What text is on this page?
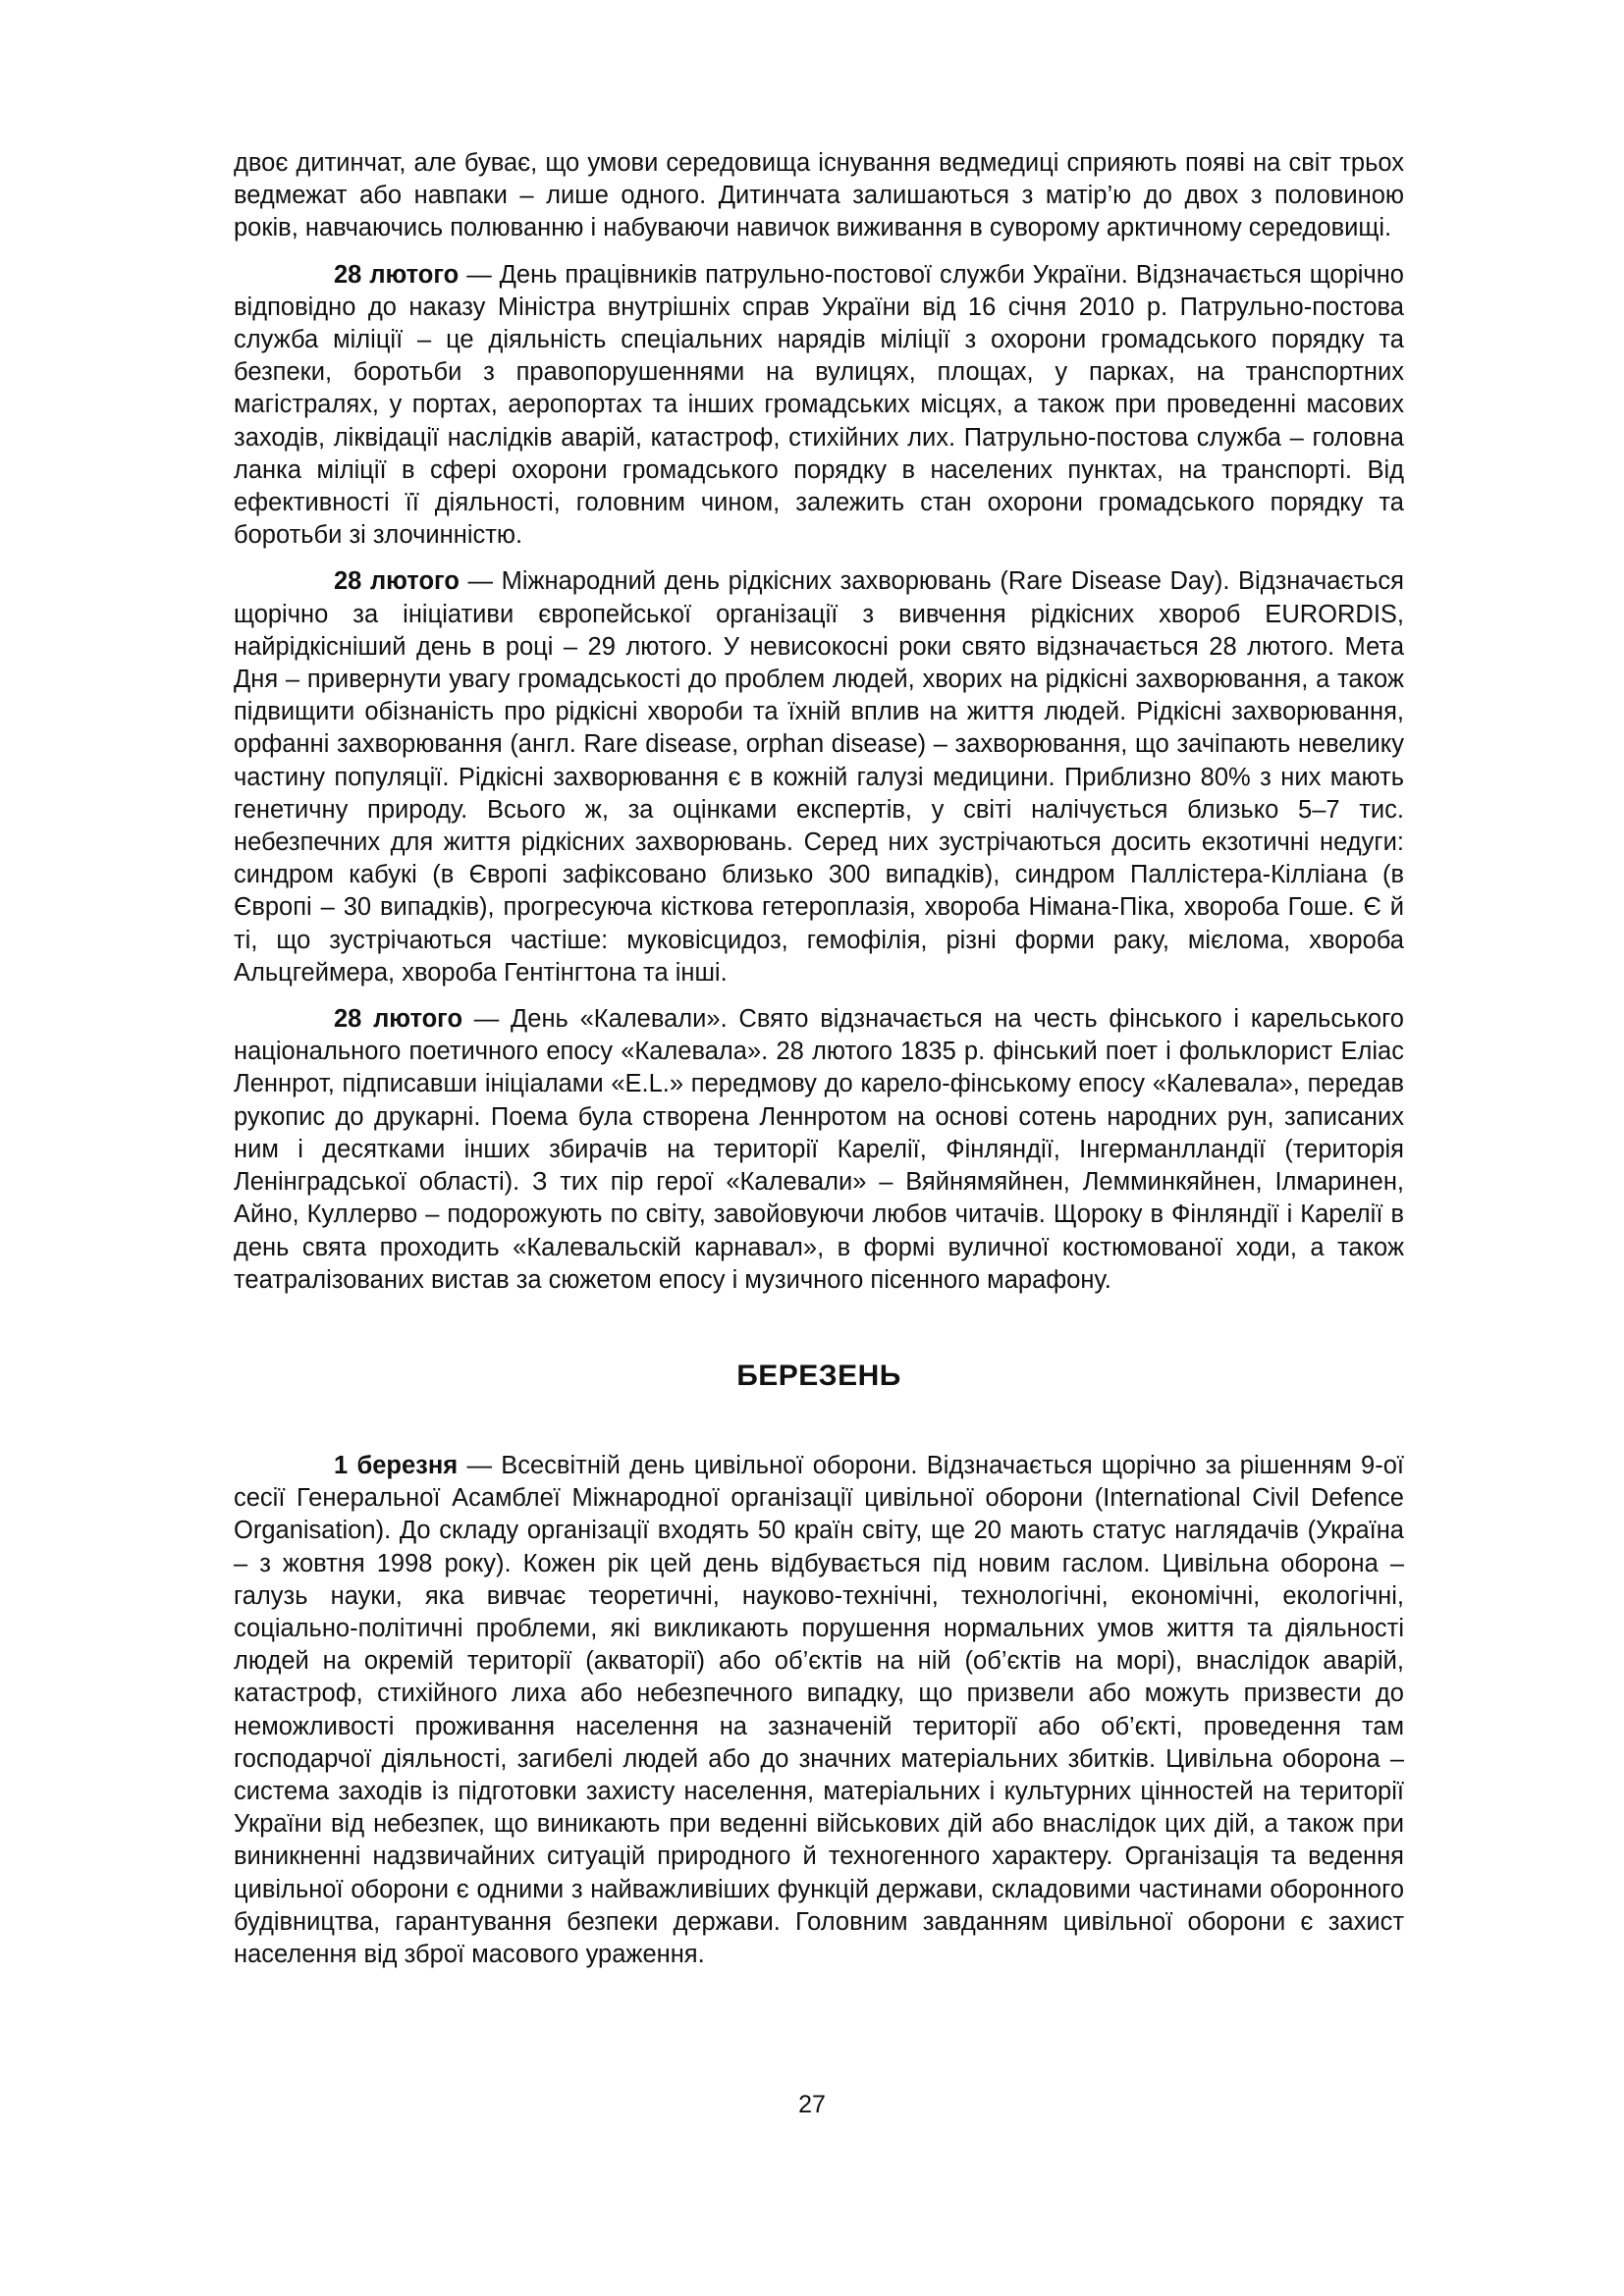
двоє дитинчат, але буває, що умови середовища існування ведмедиці сприяють появі на світ трьох ведмежат або навпаки – лише одного. Дитинчата залишаються з матір’ю до двох з половиною років, навчаючись полюванню і набуваючи навичок виживання в суворому арктичному середовищі.

28 лютого — День працівників патрульно-постової служби України. Відзначається щорічно відповідно до наказу Міністра внутрішніх справ України від 16 січня 2010 р. Патрульно-постова служба міліції – це діяльність спеціальних нарядів міліції з охорони громадського порядку та безпеки, боротьби з правопорушеннями на вулицях, площах, у парках, на транспортних магістралях, у портах, аеропортах та інших громадських місцях, а також при проведенні масових заходів, ліквідації наслідків аварій, катастроф, стихійних лих. Патрульно-постова служба – головна ланка міліції в сфері охорони громадського порядку в населених пунктах, на транспорті. Від ефективності її діяльності, головним чином, залежить стан охорони громадського порядку та боротьби зі злочинністю.

28 лютого — Міжнародний день рідкісних захворювань (Rare Disease Day). Відзначається щорічно за ініціативи європейської організації з вивчення рідкісних хвороб EURORDIS, найрідкісніший день в році – 29 лютого. У невисокосні роки свято відзначається 28 лютого. Мета Дня – привернути увагу громадськості до проблем людей, хворих на рідкісні захворювання, а також підвищити обізнаність про рідкісні хвороби та їхній вплив на життя людей. Рідкісні захворювання, орфанні захворювання (англ. Rare disease, orphan disease) – захворювання, що зачіпають невелику частину популяції. Рідкісні захворювання є в кожній галузі медицини. Приблизно 80% з них мають генетичну природу. Всього ж, за оцінками експертів, у світі налічується близько 5–7 тис. небезпечних для життя рідкісних захворювань. Серед них зустрічаються досить екзотичні недуги: синдром кабукі (в Європі зафіксовано близько 300 випадків), синдром Паллістера-Кілліана (в Європі – 30 випадків), прогресуюча кісткова гетероплазія, хвороба Німана-Піка, хвороба Гоше. Є й ті, що зустрічаються частіше: муковісцидоз, гемофілія, різні форми раку, мієлома, хвороба Альцгеймера, хвороба Гентінгтона та інші.

28 лютого — День «Калевали». Свято відзначається на честь фінського і карельського національного поетичного епосу «Калевала». 28 лютого 1835 р. фінський поет і фольклорист Еліас Леннрот, підписавши ініціалами «E.L.» передмову до карело-фінському епосу «Калевала», передав рукопис до друкарні. Поема була створена Леннротом на основі сотень народних рун, записаних ним і десятками інших збирачів на території Карелії, Фінляндії, Інгерманлландії (територія Ленінградської області). З тих пір герої «Калевали» – Вяйнямяйнен, Лемминкяйнен, Ілмаринен, Айно, Куллерво – подорожують по світу, завойовуючи любов читачів. Щороку в Фінляндії і Карелії в день свята проходить «Калевальскій карнавал», в формі вуличної костюмованої ходи, а також театралізованих вистав за сюжетом епосу і музичного пісенного марафону.

БЕРЕЗЕНЬ

1 березня — Всесвітній день цивільної оборони. Відзначається щорічно за рішенням 9-ої сесії Генеральної Асамблеї Міжнародної організації цивільної оборони (International Civil Defence Organisation). До складу організації входять 50 країн світу, ще 20 мають статус наглядачів (Україна – з жовтня 1998 року). Кожен рік цей день відбувається під новим гаслом. Цивільна оборона – галузь науки, яка вивчає теоретичні, науково-технічні, технологічні, економічні, екологічні, соціально-політичні проблеми, які викликають порушення нормальних умов життя та діяльності людей на окремій території (акваторії) або об’єктів на ній (об’єктів на морі), внаслідок аварій, катастроф, стихійного лиха або небезпечного випадку, що призвели або можуть призвести до неможливості проживання населення на зазначеній території або об’єкті, проведення там господарчої діяльності, загибелі людей або до значних матеріальних збитків. Цивільна оборона – система заходів із підготовки захисту населення, матеріальних і культурних цінностей на території України від небезпек, що виникають при веденні військових дій або внаслідок цих дій, а також при виникненні надзвичайних ситуацій природного й техногенного характеру. Організація та ведення цивільної оборони є одними з найважливіших функцій держави, складовими частинами оборонного будівництва, гарантування безпеки держави. Головним завданням цивільної оборони є захист населення від зброї масового ураження.

27
